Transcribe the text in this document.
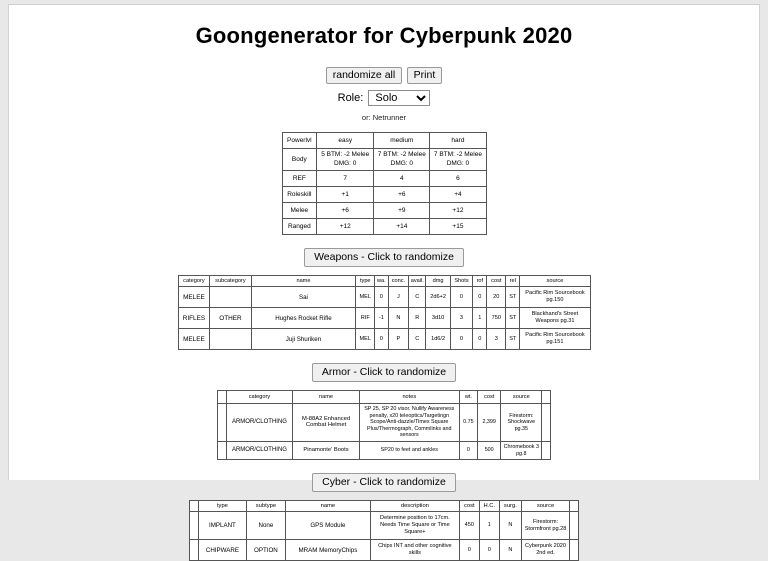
Goongenerator for Cyberpunk 2020
randomize all Print
Role:
Solo
or: Netrunner
Powerlvl	easy	medium	hard
Body	5 BTM: -2 Melee DMG: 0	7 BTM: -2 Melee DMG: 0	7 BTM: -2 Melee DMG: 0
REF	7	4	6
Roleskill	+1	+6	+4
Melee	+6	+9	+12
Ranged	+12	+14	+15
Weapons - Click to randomize
category	subcategory	name	type	wa.	conc.	avail.	dmg	Shots	rof	cost	rel	source
MELEE		Sai	MEL	0	J	C	2d6+2	0	0	20	ST	Pacific Rim Sourcebook pg.150
RIFLES	OTHER	Hughes Rocket Rifle	RIF	-1	N	R	3d10	3	1	750	ST	Blackhand's Street Weapons pg.31
MELEE		Juji Shuriken	MEL	0	P	C	1d6/2	0	0	3	ST	Pacific Rim Sourcebook pg.151
Armor - Click to randomize
	category	name	notes	wt.	cost	source	
	ARMOR/CLOTHING	M-88A2 Enhanced Combat Helmet	SP 25, SP 20 visor. Nullify Awareness penalty, x20 teleoptics/Targetingn Scope/Anti-dazzle/Times Square Plus/Thermograph, Commlinks and sensors	0.75	2,399	Firestorm: Shockwave pg.35	
	ARMOR/CLOTHING	Pinamonte' Boots	SP20 to feet and ankles	0	500	Chromebook 3 pg.8	
Cyber - Click to randomize
	type	subtype	name	description	cost	H.C.	surg.	source	
	IMPLANT	None	GPS Module	Determine position to 17cm. Needs Time Square or Time Square+	450	1	N	Firestorm: Stormfront pg.28	
	CHIPWARE	OPTION	MRAM MemoryChips	Chips INT and other cognitive skills	0	0	N	Cyberpunk 2020 2nd ed.	
